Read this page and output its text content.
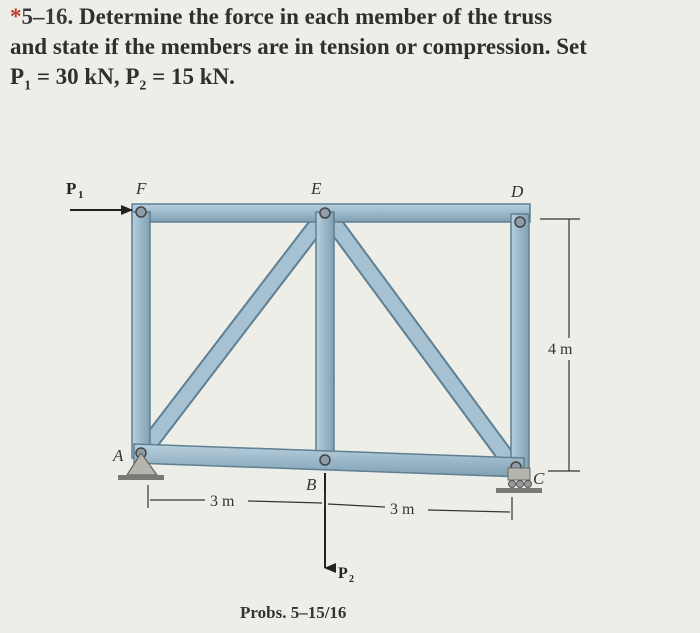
*5–16. Determine the force in each member of the truss
and state if the members are in tension or compression. Set
$P_1 = 30$ kN, $P_2 = 15$ kN.
P 1
P 2
F	E	D
A
B	C
3 m	3 m
4 m
Probs. 5–15/16
